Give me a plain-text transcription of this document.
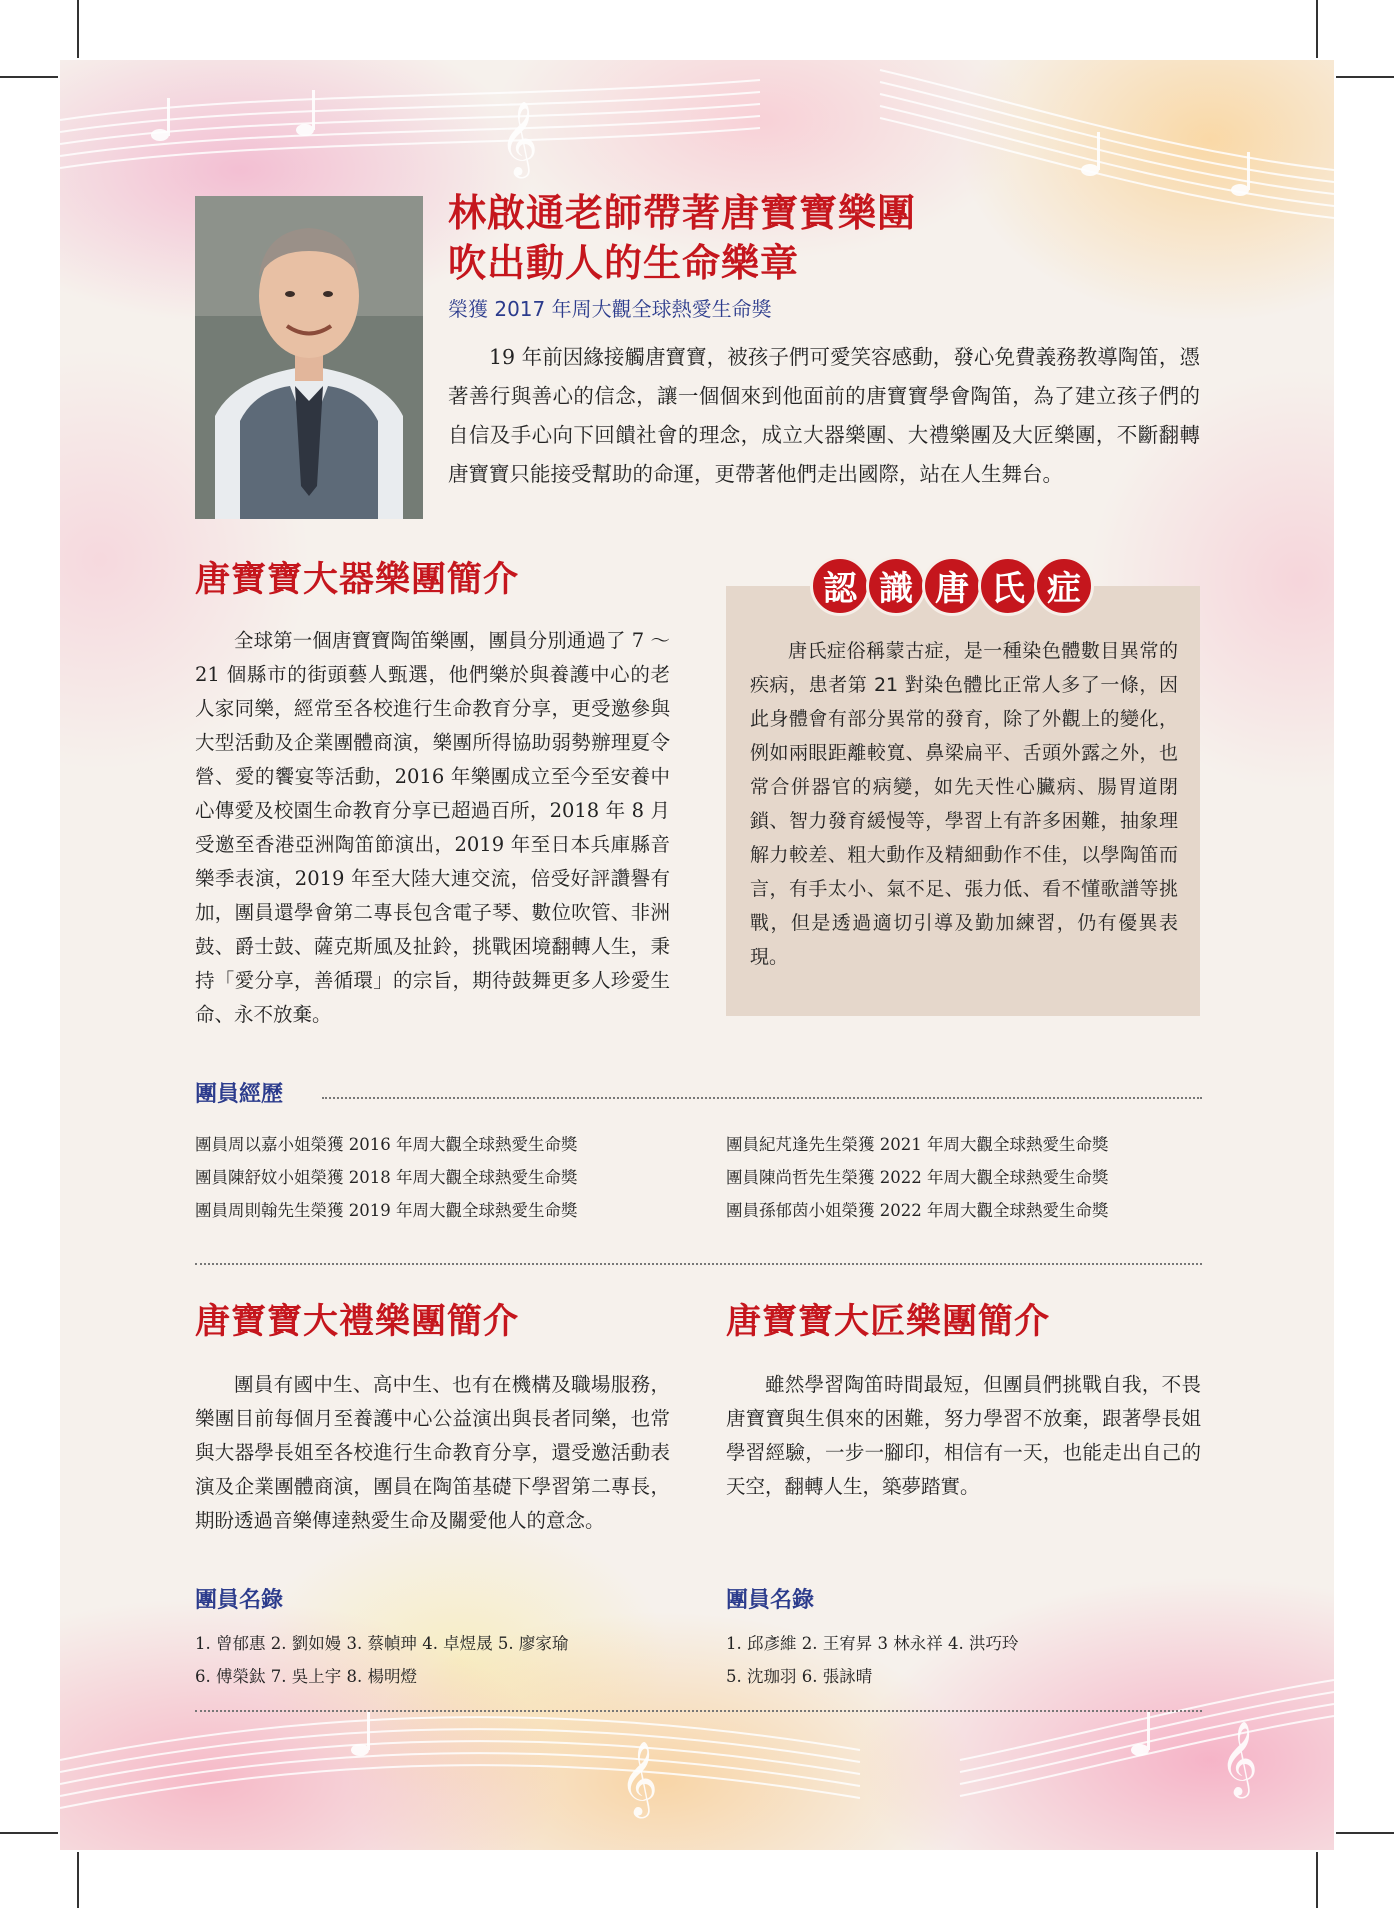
𝄞
𝄞
𝄞
林啟通老師帶著唐寶寶樂團
吹出動人的生命樂章
榮獲 2017 年周大觀全球熱愛生命獎
19 年前因緣接觸唐寶寶，被孩子們可愛笑容感動，發心免費義務教導陶笛，憑著善行與善心的信念，讓一個個來到他面前的唐寶寶學會陶笛，為了建立孩子們的自信及手心向下回饋社會的理念，成立大器樂團、大禮樂團及大匠樂團，不斷翻轉唐寶寶只能接受幫助的命運，更帶著他們走出國際，站在人生舞台。
唐寶寶大器樂團簡介
全球第一個唐寶寶陶笛樂團，團員分別通過了 7 ～ 21 個縣市的街頭藝人甄選，他們樂於與養護中心的老人家同樂，經常至各校進行生命教育分享，更受邀參與大型活動及企業團體商演，樂團所得協助弱勢辦理夏令營、愛的饗宴等活動，2016 年樂團成立至今至安養中心傳愛及校園生命教育分享已超過百所，2018 年 8 月受邀至香港亞洲陶笛節演出，2019 年至日本兵庫縣音樂季表演，2019 年至大陸大連交流，倍受好評讚譽有加，團員還學會第二專長包含電子琴、數位吹管、非洲鼓、爵士鼓、薩克斯風及扯鈴，挑戰困境翻轉人生，秉持「愛分享，善循環」的宗旨，期待鼓舞更多人珍愛生命、永不放棄。
認 識 唐 氏 症
唐氏症俗稱蒙古症，是一種染色體數目異常的疾病，患者第 21 對染色體比正常人多了一條，因此身體會有部分異常的發育，除了外觀上的變化，例如兩眼距離較寬、鼻梁扁平、舌頭外露之外，也常合併器官的病變，如先天性心臟病、腸胃道閉鎖、智力發育緩慢等，學習上有許多困難，抽象理解力較差、粗大動作及精細動作不佳，以學陶笛而言，有手太小、氣不足、張力低、看不懂歌譜等挑戰，但是透過適切引導及勤加練習，仍有優異表現。
團員經歷
團員周以嘉小姐榮獲 2016 年周大觀全球熱愛生命獎
團員陳舒妏小姐榮獲 2018 年周大觀全球熱愛生命獎
團員周則翰先生榮獲 2019 年周大觀全球熱愛生命獎
團員紀芃逢先生榮獲 2021 年周大觀全球熱愛生命獎
團員陳尚哲先生榮獲 2022 年周大觀全球熱愛生命獎
團員孫郁茵小姐榮獲 2022 年周大觀全球熱愛生命獎
唐寶寶大禮樂團簡介
團員有國中生、高中生、也有在機構及職場服務，樂團目前每個月至養護中心公益演出與長者同樂，也常與大器學長姐至各校進行生命教育分享，還受邀活動表演及企業團體商演，團員在陶笛基礎下學習第二專長，期盼透過音樂傳達熱愛生命及關愛他人的意念。
團員名錄
1. 曾郁惠 2. 劉如嫚 3. 蔡幀珅 4. 卓煜晟 5. 廖家瑜
6. 傅榮鈦 7. 吳上宇 8. 楊明燈
唐寶寶大匠樂團簡介
雖然學習陶笛時間最短，但團員們挑戰自我，不畏唐寶寶與生俱來的困難，努力學習不放棄，跟著學長姐學習經驗，一步一腳印，相信有一天，也能走出自己的天空，翻轉人生，築夢踏實。
團員名錄
1. 邱彥維 2. 王宥昇 3 林永祥 4. 洪巧玲
5. 沈珈羽 6. 張詠晴
